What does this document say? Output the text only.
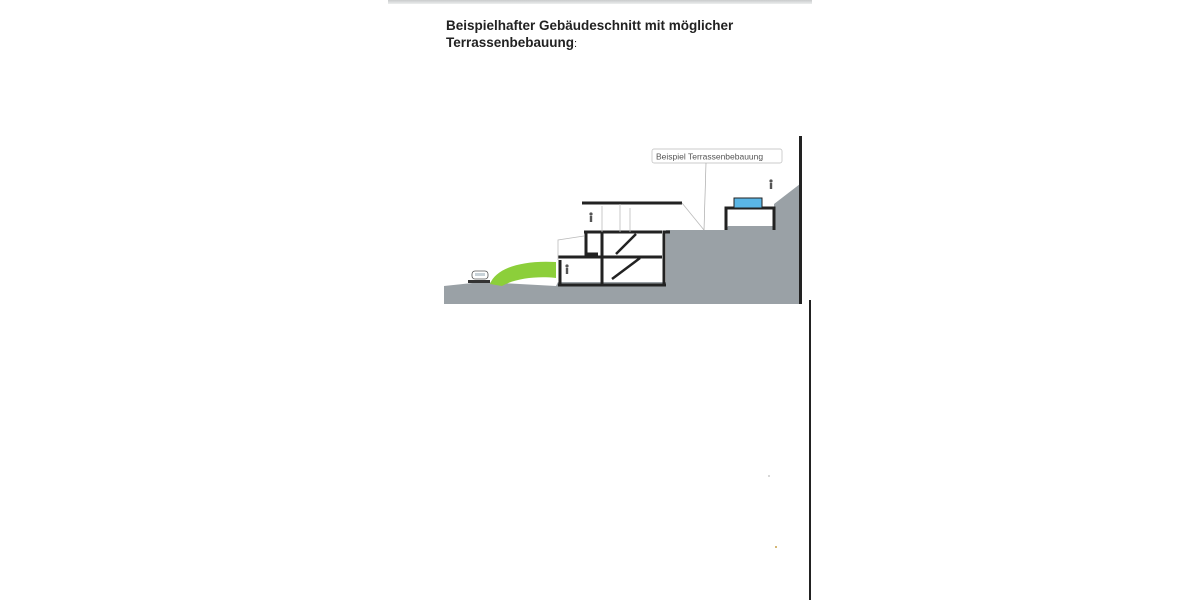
Beispielhafter Gebäudeschnitt mit möglicher
Terrassenbebauung:
Beispiel Terrassenbebauung
